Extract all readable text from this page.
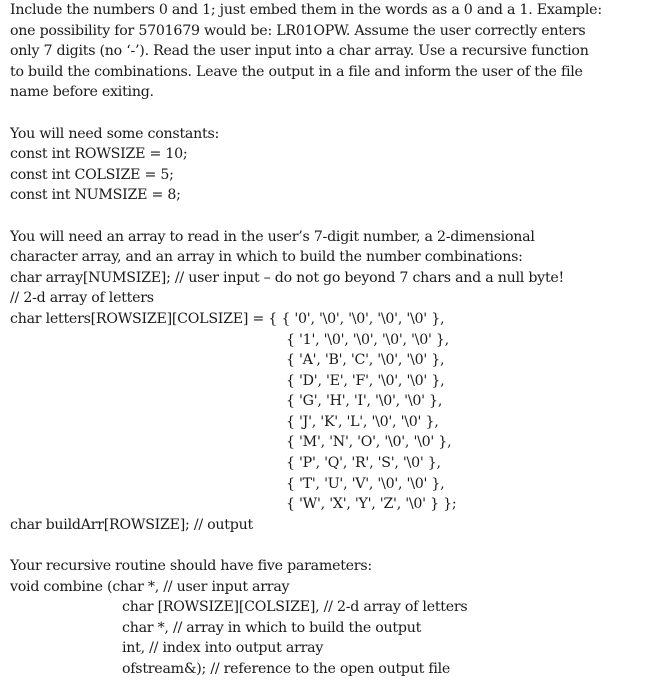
Include the numbers 0 and 1; just embed them in the words as a 0 and a 1. Example:
one possibility for 5701679 would be: LR01OPW. Assume the user correctly enters
only 7 digits (no ‘-’). Read the user input into a char array. Use a recursive function
to build the combinations. Leave the output in a file and inform the user of the file
name before exiting.
You will need some constants:
const int ROWSIZE = 10;
const int COLSIZE = 5;
const int NUMSIZE = 8;
You will need an array to read in the user’s 7-digit number, a 2-dimensional
character array, and an array in which to build the number combinations:
char array[NUMSIZE]; // user input – do not go beyond 7 chars and a null byte!
// 2-d array of letters
char letters[ROWSIZE][COLSIZE] = { { '0', '\0', '\0', '\0', '\0' },
{ '1', '\0', '\0', '\0', '\0' },
{ 'A', 'B', 'C', '\0', '\0' },
{ 'D', 'E', 'F', '\0', '\0' },
{ 'G', 'H', 'I', '\0', '\0' },
{ 'J', 'K', 'L', '\0', '\0' },
{ 'M', 'N', 'O', '\0', '\0' },
{ 'P', 'Q', 'R', 'S', '\0' },
{ 'T', 'U', 'V', '\0', '\0' },
{ 'W', 'X', 'Y', 'Z', '\0' } };
char buildArr[ROWSIZE]; // output
Your recursive routine should have five parameters:
void combine (char *, // user input array
char [ROWSIZE][COLSIZE], // 2-d array of letters
char *, // array in which to build the output
int, // index into output array
ofstream&); // reference to the open output file
